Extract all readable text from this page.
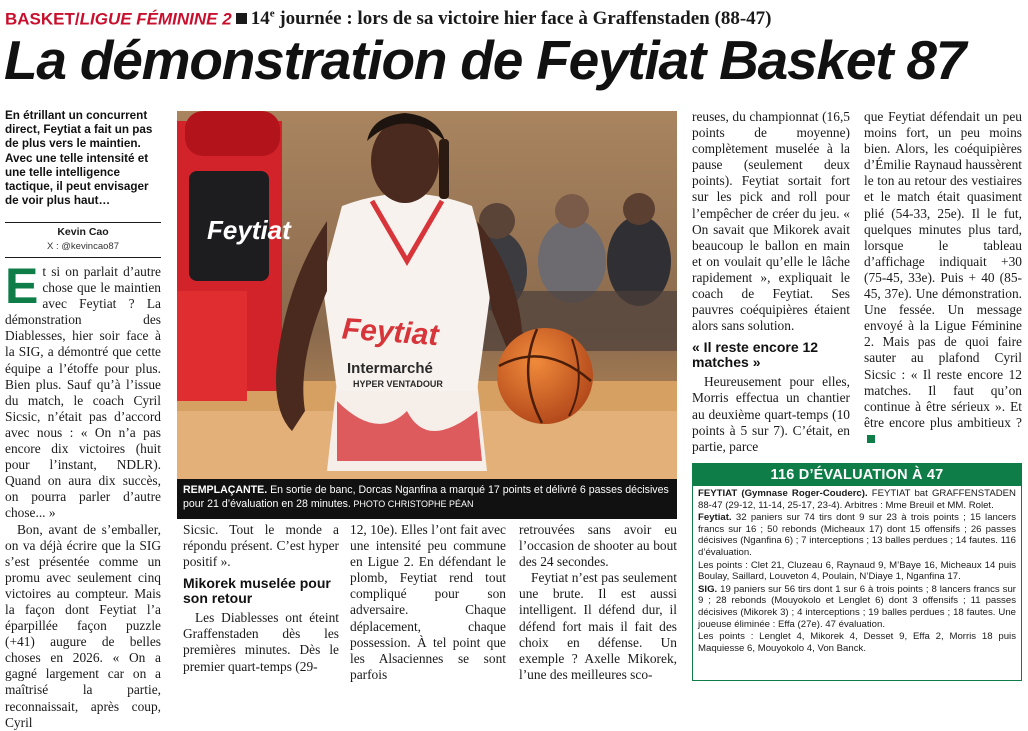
BASKET/LIGUE FÉMININE 2 14e journée : lors de sa victoire hier face à Graffenstaden (88-47)
La démonstration de Feytiat Basket 87
En étrillant un concurrent direct, Feytiat a fait un pas de plus vers le maintien. Avec une telle intensité et une telle intelligence tactique, il peut envisager de voir plus haut…
Kevin Cao
X : @kevincao87

Et si on parlait d’autre chose que le maintien avec Feytiat ? La démonstration des Diablesses, hier soir face à la SIG, a démontré que cette équipe a l’étoffe pour plus. Bien plus. Sauf qu’à l’issue du match, le coach Cyril Sicsic, n’était pas d’accord avec nous : « On n’a pas encore dix victoires (huit pour l’instant, NDLR). Quand on aura dix succès, on pourra parler d’autre chose... »

Bon, avant de s’emballer, on va déjà écrire que la SIG s’est présentée comme un promu avec seulement cinq victoires au compteur. Mais la façon dont Feytiat l’a éparpillée façon puzzle (+41) augure de belles choses en 2026. « On a gagné largement car on a maîtrisé la partie, reconnaissait, après coup, Cyril

Feytiat
Feytiat
Intermarché
HYPER VENTADOUR
REMPLAÇANTE. En sortie de banc, Dorcas Nganfina a marqué 17 points et délivré 6 passes décisives pour 21 d’évaluation en 28 minutes. PHOTO CHRISTOPHE PÉAN

Sicsic. Tout le monde a répondu présent. C’est hyper positif ».

Mikorek muselée pour son retour

Les Diablesses ont éteint Graffenstaden dès les premières minutes. Dès le premier quart-temps (29-

12, 10e). Elles l’ont fait avec une intensité peu commune en Ligue 2. En défendant le plomb, Feytiat rend tout compliqué pour son adversaire. Chaque déplacement, chaque possession. À tel point que les Alsaciennes se sont parfois

retrouvées sans avoir eu l’occasion de shooter au bout des 24 secondes.

Feytiat n’est pas seulement une brute. Il est aussi intelligent. Il défend dur, il défend fort mais il fait des choix en défense. Un exemple ? Axelle Mikorek, l’une des meilleures sco-

reuses, du championnat (16,5 points de moyenne) complètement muselée à la pause (seulement deux points). Feytiat sortait fort sur les pick and roll pour l’empêcher de créer du jeu. « On savait que Mikorek avait beaucoup le ballon en main et on voulait qu’elle le lâche rapidement », expliquait le coach de Feytiat. Ses pauvres coéquipières étaient alors sans solution.

« Il reste encore 12 matches »

Heureusement pour elles, Morris effectua un chantier au deuxième quart-temps (10 points à 5 sur 7). C’était, en partie, parce

que Feytiat défendait un peu moins fort, un peu moins bien. Alors, les coéquipières d’Émilie Raynaud haussèrent le ton au retour des vestiaires et le match était quasiment plié (54-33, 25e). Il le fut, quelques minutes plus tard, lorsque le tableau d’affichage indiquait +30 (75-45, 33e). Puis + 40 (85-45, 37e). Une démonstration. Une fessée. Un message envoyé à la Ligue Féminine 2. Mais pas de quoi faire sauter au plafond Cyril Sicsic : « Il reste encore 12 matches. Il faut qu’on continue à être sérieux ». Et être encore plus ambitieux ?

116 D’ÉVALUATION À 47

FEYTIAT (Gymnase Roger-Couderc). FEYTIAT bat GRAFFENSTADEN 88-47 (29-12, 11-14, 25-17, 23-4). Arbitres : Mme Breuil et MM. Rolet.

Feytiat. 32 paniers sur 74 tirs dont 9 sur 23 à trois points ; 15 lancers francs sur 16 ; 50 rebonds (Micheaux 17) dont 15 offensifs ; 26 passes décisives (Nganfina 6) ; 7 interceptions ; 13 balles perdues ; 14 fautes. 116 d’évaluation.

Les points : Clet 21, Cluzeau 6, Raynaud 9, M’Baye 16, Micheaux 14 puis Boulay, Saillard, Louveton 4, Poulain, N’Diaye 1, Nganfina 17.

SIG. 19 paniers sur 56 tirs dont 1 sur 6 à trois points ; 8 lancers francs sur 9 ; 28 rebonds (Mouyokolo et Lenglet 6) dont 3 offensifs ; 11 passes décisives (Mikorek 3) ; 4 interceptions ; 19 balles perdues ; 18 fautes. Une joueuse éliminée : Effa (27e). 47 évaluation.

Les points : Lenglet 4, Mikorek 4, Desset 9, Effa 2, Morris 18 puis Maquiesse 6, Mouyokolo 4, Von Banck.
